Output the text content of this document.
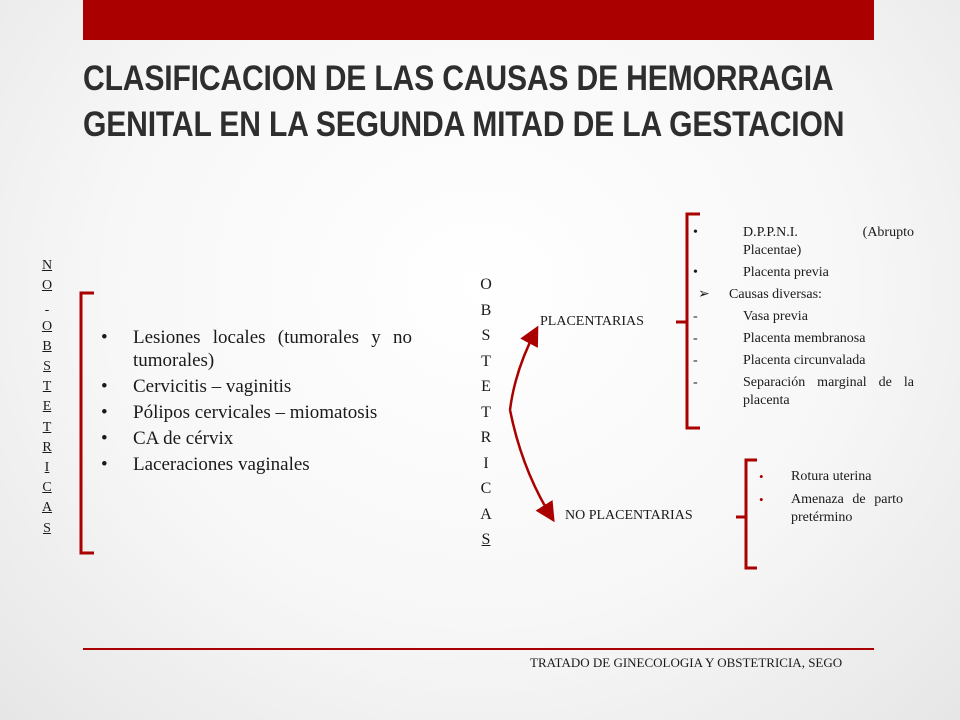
CLASIFICACION DE LAS CAUSAS DE HEMORRAGIA
GENITAL EN LA SEGUNDA MITAD DE LA GESTACION
N
O

O
B
S
T
E
T
R
I
C
A
S
O
B
S
T
E
T
R
I
C
A
S
• Lesiones locales (tumorales y no tumorales)
• Cervicitis – vaginitis
• Pólipos cervicales – miomatosis
• CA de cérvix
• Laceraciones vaginales
PLACENTARIAS
NO PLACENTARIAS
•	D.P.P.N.I. (Abrupto Placentae)
•	Placenta previa
➢ Causas diversas:
-	Vasa previa
-	Placenta membranosa
-	Placenta circunvalada
-	Separación marginal de la placenta
• Rotura uterina
• Amenaza de parto pretérmino
TRATADO DE GINECOLOGIA Y OBSTETRICIA, SEGO
